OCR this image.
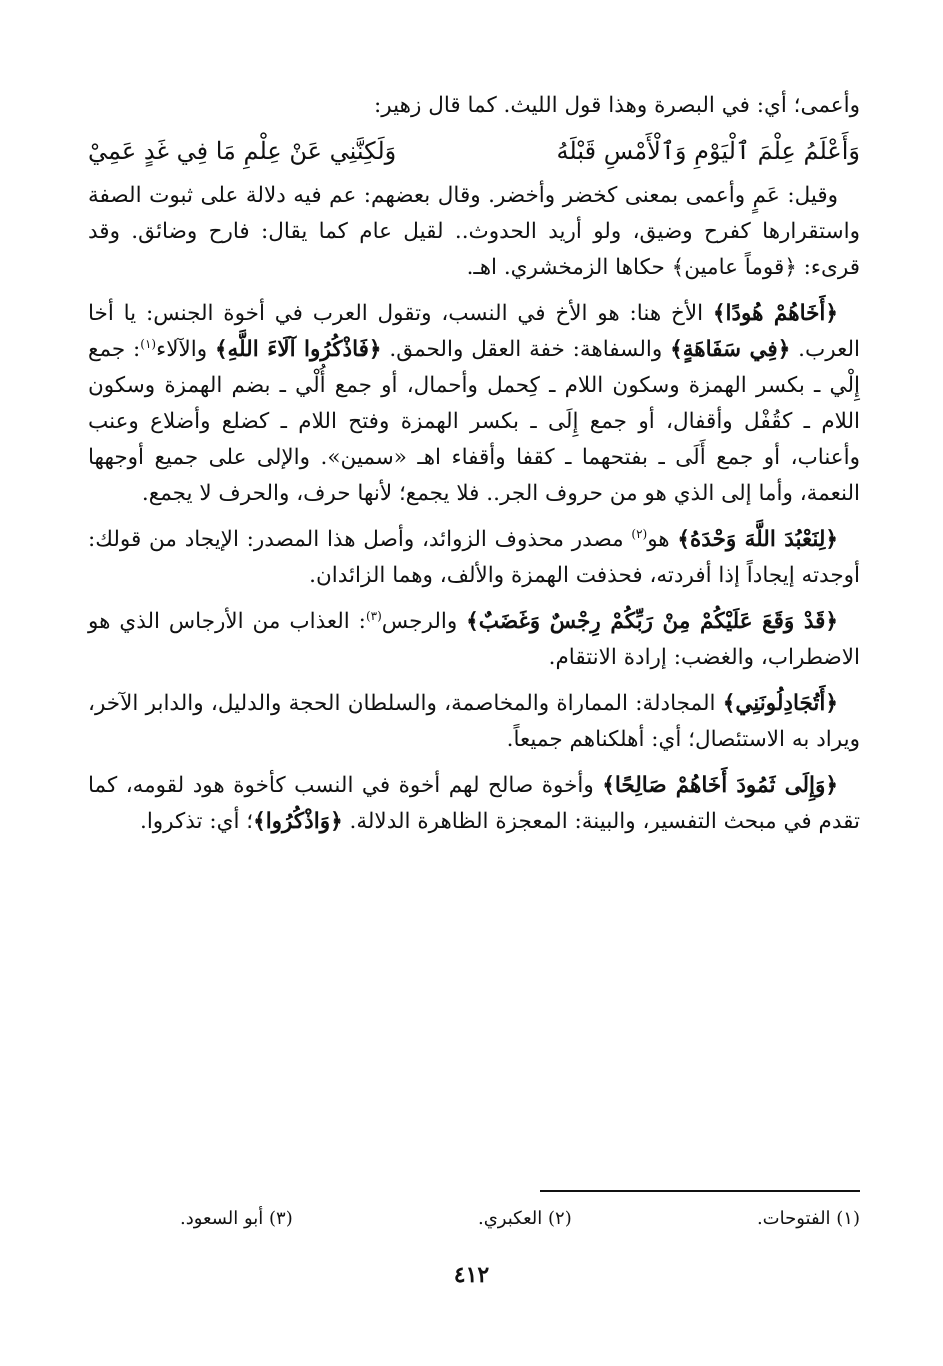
وأعمى؛ أي: في البصرة وهذا قول الليث. كما قال زهير:

وَأَعْلَمُ عِلْمَ ٱلْيَوْمِ وَٱلْأَمْسِ قَبْلَهُ
وَلَكِنَّنِي عَنْ عِلْمِ مَا فِي غَدٍ عَمِيْ

وقيل: عَمٍ وأعمى بمعنى كخضر وأخضر. وقال بعضهم: عم فيه دلالة على ثبوت الصفة واستقرارها كفرح وضيق، ولو أريد الحدوث.. لقيل عام كما يقال: فارح وضائق. وقد قرىء: ﴿قوماً عامين﴾ حكاها الزمخشري. اهـ.

﴿أَخَاهُمْ هُودًا﴾ الأخ هنا: هو الأخ في النسب، وتقول العرب في أخوة الجنس: يا أخا العرب. ﴿فِي سَفَاهَةٍ﴾ والسفاهة: خفة العقل والحمق. ﴿فَاذْكُرُوا آلَاءَ اللَّهِ﴾ والآلاء$^{(١)}$: جمع إِلْي ـ بكسر الهمزة وسكون اللام ـ كِحمل وأحمال، أو جمع أُلْي ـ بضم الهمزة وسكون اللام ـ كقُفْل وأقفال، أو جمع إِلَى ـ بكسر الهمزة وفتح اللام ـ كضلع وأضلاع وعنب وأعناب، أو جمع أَلَى ـ بفتحهما ـ كقفا وأقفاء اهـ «سمين». والإلى على جميع أوجهها النعمة، وأما إلى الذي هو من حروف الجر.. فلا يجمع؛ لأنها حرف، والحرف لا يجمع.

﴿لِنَعْبُدَ اللَّهَ وَحْدَهُ﴾ هو$^{(٢)}$ مصدر محذوف الزوائد، وأصل هذا المصدر: الإيجاد من قولك: أوجدته إيجاداً إذا أفردته، فحذفت الهمزة والألف، وهما الزائدان.

﴿قَدْ وَقَعَ عَلَيْكُمْ مِنْ رَبِّكُمْ رِجْسٌ وَغَضَبٌ﴾ والرجس$^{(٣)}$: العذاب من الأرجاس الذي هو الاضطراب، والغضب: إرادة الانتقام.

﴿أَتُجَادِلُونَنِي﴾ المجادلة: المماراة والمخاصمة، والسلطان الحجة والدليل، والدابر الآخر، ويراد به الاستئصال؛ أي: أهلكناهم جميعاً.

﴿وَإِلَى ثَمُودَ أَخَاهُمْ صَالِحًا﴾ وأخوة صالح لهم أخوة في النسب كأخوة هود لقومه، كما تقدم في مبحث التفسير، والبينة: المعجزة الظاهرة الدلالة. ﴿وَاذْكُرُوا﴾؛ أي: تذكروا.

(١) الفتوحات.
(٢) العكبري.
(٣) أبو السعود.
٤١٢
